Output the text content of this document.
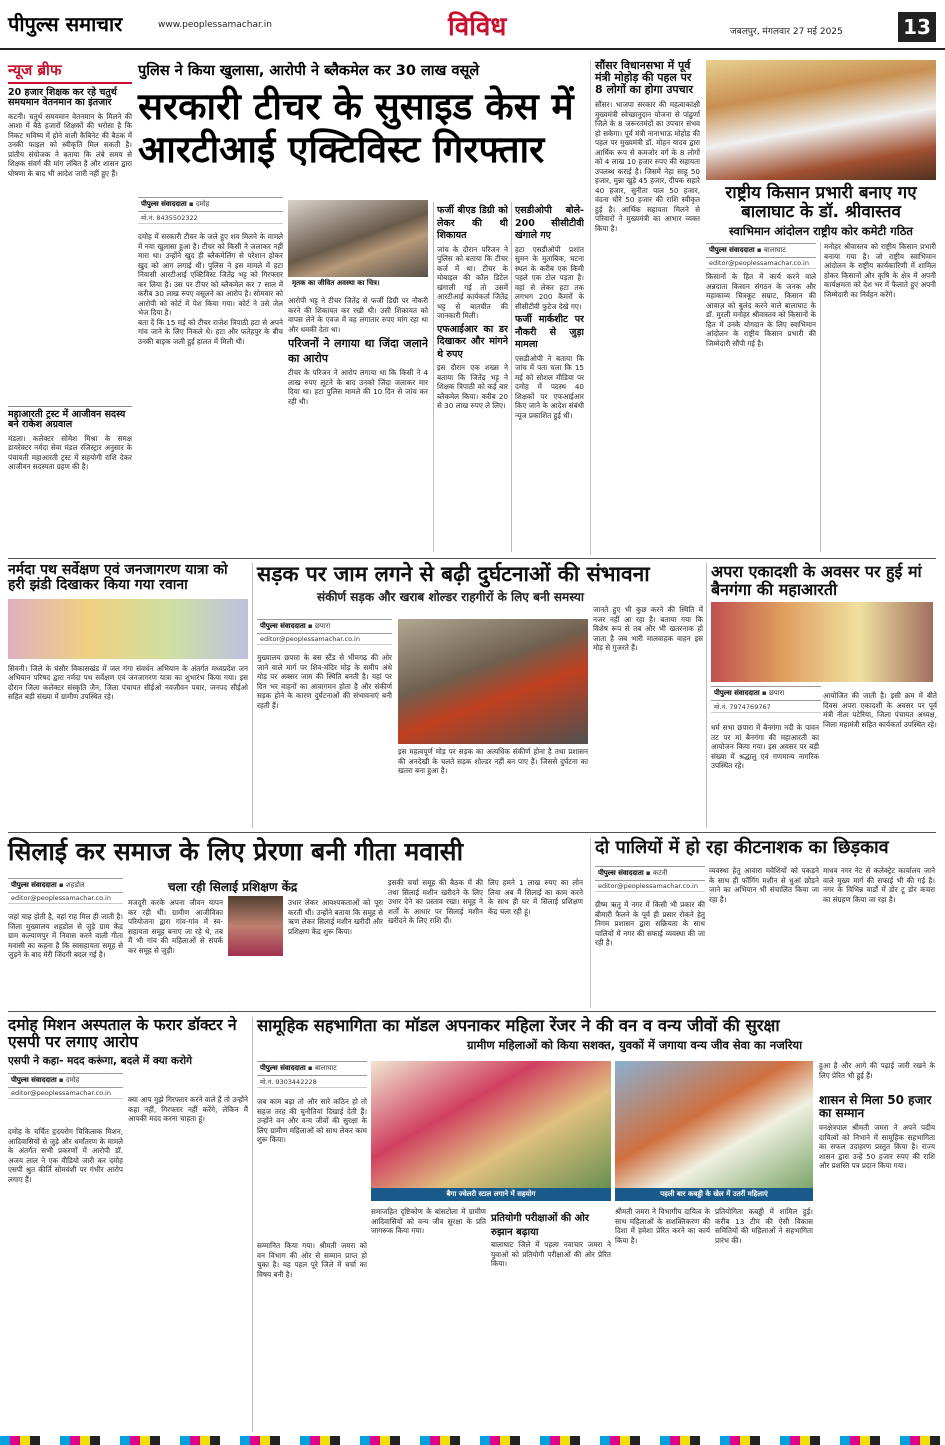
पीपुल्स समाचार	www.peoplessamachar.in	विविध	जबलपुर, मंगलवार 27 मई 2025	13
न्यूज ब्रीफ
20 हजार शिक्षक कर रहे चतुर्थ समयमान वेतनमान का इंतजार
कटनी। चतुर्थ समयमान वेतनमान के मिलने की आशा में बैठे हजारों शिक्षकों की भरोसा है कि निकट भविष्य में होने वाली कैबिनेट की बैठक में उनकी फाइल को स्वीकृति मिल सकती है। प्रांतीय संयोजक ने बताया कि लंबे समय से शिक्षक संवर्ग की मांग लंबित है और शासन द्वारा घोषणा के बाद भी आदेश जारी नहीं हुए हैं।
महाआरती ट्रस्ट में आजीवन सदस्य बने राकेश अग्रवाल
मंडला। कलेक्टर सोमेश मिश्रा के समक्ष डायरेक्टर नर्मदा सेवा मंडल रजिस्ट्रार अनुसार के पंचायती महाआरती ट्रस्ट में सहयोगी राशि देकर आजीवन सदस्यता ग्रहण की है।
पुलिस ने किया खुलासा, आरोपी ने ब्लैकमेल कर 30 लाख वसूले
सरकारी टीचर के सुसाइड केस में आरटीआई एक्टिविस्ट गिरफ्तार
पीपुल्स संवाददाता ▪ दमोह
मो.नं. 8435502322
मृतक का जीवित अवस्था का चित्र।
दमोह में सरकारी टीचर के जले हुए शव मिलने के मामले में नया खुलासा हुआ है। टीचर को किसी ने जलाकर नहीं मारा था। उन्होंने खुद ही ब्लैकमेलिंग से परेशान होकर खुद को आग लगाई थी। पुलिस ने इस मामले में हटा निवासी आरटीआई एक्टिविस्ट जितेंद्र भट्ट को गिरफ्तार कर लिया है। उस पर टीचर को ब्लैकमेल कर 7 साल में करीब 30 लाख रुपए वसूलने का आरोप है। सोमवार को आरोपी को कोर्ट में पेश किया गया। कोर्ट ने उसे जेल भेज दिया है।
बता दें कि 15 मई को टीचर राजेश त्रिपाठी हटा से अपने गांव जाने के लिए निकले थे। हटा और फतेहपुर के बीच उनकी बाइक जली हुई हालत में मिली थी।
आरोपी भट्ट ने टीचर जितेंद्र से फर्जी डिग्री पर नौकरी करने की शिकायत कर रखी थी। उसी शिकायत को वापस लेने के एवज में वह लगातार रुपए मांग रहा था और धमकी देता था।
परिजनों ने लगाया था जिंदा जलाने का आरोप
टीचर के परिजन ने आरोप लगाया था कि किसी ने 4 लाख रुपए लूटने के बाद उनको जिंदा जलाकर मार दिया था। हटा पुलिस मामले की 10 दिन से जांच कर रही थी।
फर्जी बीएड डिग्री को लेकर की थी शिकायत
जांच के दौरान परिजन ने पुलिस को बताया कि टीचर कर्ज में था। टीचर के मोबाइल की कॉल डिटेल खंगाली गई तो उसमें आरटीआई कार्यकर्ता जितेंद्र भट्ट से बातचीत की जानकारी मिली।
एफआईआर का डर दिखाकर और मांगने थे रुपए
इस दौरान एक शख्स ने बताया कि जितेंद्र भट्ट ने शिक्षक त्रिपाठी को कई बार ब्लैकमेल किया। करीब 20 से 30 लाख रुपए ले लिए।
एसडीओपी बोले- 200 सीसीटीवी खंगाले गए
हटा एसडीओपी प्रशांत सुमन के मुताबिक, घटना स्थल के करीब एक किमी पहले एक टोल पड़ता है। वहां से लेकर हटा तक लगभग 200 कैमरों के सीसीटीवी फुटेज देखे गए।
फर्जी मार्कशीट पर नौकरी से जुड़ा मामला
एसडीओपी ने बताया कि जांच में पता चला कि 15 मई को सोशल मीडिया पर दमोह में पदस्थ 40 शिक्षकों पर एफआईआर किए जाने के आदेश संबंधी न्यूज प्रकाशित हुई थी।
सौंसर विधानसभा में पूर्व मंत्री मोहोड़ की पहल पर 8 लोगों का होगा उपचार
सौंसर। भाजपा सरकार की महत्वाकांक्षी मुख्यमंत्री स्वेच्छानुदान योजना से पांढुर्णा जिले के 8 जरूरतमंदों का उपचार संभव हो सकेगा। पूर्व मंत्री नानाभाऊ मोहोड़ की पहल पर मुख्यमंत्री डॉ. मोहन यादव द्वारा आर्थिक रूप से कमजोर वर्ग के 8 लोगों को 4 लाख 10 हजार रुपए की सहायता उपलब्ध कराई है। जिसमें नेहा साहू 50 हजार, मुन्ना खुड़े 45 हजार, दीपक सहारे 40 हजार, सुनीता पाल 50 हजार, वंदना चौरे 50 हजार की राशि स्वीकृत हुई है। आर्थिक सहायता मिलने से परिवारों ने मुख्यमंत्री का आभार व्यक्त किया है।
राष्ट्रीय किसान प्रभारी बनाए गए बालाघाट के डॉ. श्रीवास्तव
स्वाभिमान आंदोलन राष्ट्रीय कोर कमेटी गठित
पीपुल्स संवाददाता ▪ बालाघाट
editor@peoplessamachar.co.in
किसानों के हित में कार्य करने वाले अन्नदाता किसान संगठन के जनक और महाकाव्य चित्रकूट सम्राट, किसान की आवाज़ को बुलंद करने वाले बालाघाट के डॉ. मुरली मनोहर श्रीवास्तव को किसानों के हित में उनके योगदान के लिए स्वाभिमान आंदोलन के राष्ट्रीय किसान प्रभारी की जिम्मेदारी सौंपी गई है।
मनोहर श्रीवास्तव को राष्ट्रीय किसान प्रभारी बनाया गया है। जो राष्ट्रीय स्वाभिमान आंदोलन के राष्ट्रीय कार्यकारिणी में शामिल होकर किसानों और कृषि के क्षेत्र में अपनी कार्यक्षमता को देश भर में फैलाते हुए अपनी जिम्मेदारी का निर्वहन करेंगे।
नर्मदा पथ सर्वेक्षण एवं जनजागरण यात्रा को हरी झंडी दिखाकर किया गया रवाना
सिवनी। जिले के घंसौर विकासखंड में जल गंगा संवर्धन अभियान के अंतर्गत मध्यप्रदेश जन अभियान परिषद द्वारा नर्मदा पथ सर्वेक्षण एवं जनजागरण यात्रा का शुभारंभ किया गया। इस दौरान जिला कलेक्टर संस्कृति जैन, जिला पंचायत सीईओ नवजीवन पवार, जनपद सीईओ सहित बड़ी संख्या में ग्रामीण उपस्थित रहे।
सड़क पर जाम लगने से बढ़ी दुर्घटनाओं की संभावना
संकीर्ण सड़क और खराब शोल्डर राहगीरों के लिए बनी समस्या
पीपुल्स संवाददाता ▪ छपारा
editor@peoplessamachar.co.in
मुख्यालय छपारा के बस स्टैंड से भीमगढ़ की ओर जाने वाले मार्ग पर शिव-मंदिर मोड़ के समीप अंधे मोड़ पर अक्सर जाम की स्थिति बनती है। यहां पर दिन भर वाहनों का आवागमन होता है और संकीर्ण सड़क होने के कारण दुर्घटनाओं की संभावनाएं बनी रहती हैं।
इस महत्वपूर्ण मोड़ पर सड़क का अत्यधिक संकीर्ण होना है तथा प्रशासन की अनदेखी के चलते सड़क शोल्डर नहीं बन पाए हैं। जिससे दुर्घटना का खतरा बना हुआ है।
जानते हुए भी कुछ करने की स्थिति में नजर नहीं आ रहा है। बताया गया कि विशेष रूप से तब और भी खतरनाक हो जाता है जब भारी मालवाहक वाहन इस मोड़ से गुजरते हैं।
अपरा एकादशी के अवसर पर हुई मां बैनगंगा की महाआरती
पीपुल्स संवाददाता ▪ छपारा
मो.नं. 7974769767
धर्म सभा छपारा में बैनगंगा नदी के पावन तट पर मां बैनगंगा की महाआरती का आयोजन किया गया। इस अवसर पर बड़ी संख्या में श्रद्धालु एवं गणमान्य नागरिक उपस्थित रहे।
आयोजित की जाती है। इसी क्रम में बीते दिवस अपरा एकादशी के अवसर पर पूर्व मंत्री नीता पटेरिया, जिला पंचायत अध्यक्ष, जिला महामंत्री सहित कार्यकर्ता उपस्थित रहे।
सिलाई कर समाज के लिए प्रेरणा बनी गीता मवासी
पीपुल्स संवाददाता ▪ शहडोल
editor@peoplessamachar.co.in
चला रही सिलाई प्रशिक्षण केंद्र
जहां चाह होती है, वहां राह मिल ही जाती है। जिला मुख्यालय शहडोल से जुड़े ग्राम केंद्र ग्राम कल्याणपुर में निवास करने वाली गीता मवासी का कहना है कि स्वसहायता समूह से जुड़ने के बाद मेरी जिंदगी बदल गई है।
मजदूरी करके अपना जीवन यापन कर रही थीं। ग्रामीण आजीविका परियोजना द्वारा गांव-गांव में स्व-सहायता समूह बनाए जा रहे थे, तब मैं भी गांव की महिलाओं से संपर्क कर समूह से जुड़ी।
उधार लेकर आवश्यकताओं को पूरा करती थीं। उन्होंने बताया कि समूह से ऋण लेकर सिलाई मशीन खरीदी और प्रशिक्षण केंद्र शुरू किया।
इसकी चर्चा समूह की बैठक में की तथा सिलाई मशीन खरीदने के लिए उधार देने का प्रस्ताव रखा। समूह ने शर्तों के आधार पर सिलाई मशीन खरीदने के लिए राशि दी।
लिए हमने 1 लाख रुपए का लोन लिया अब मैं सिलाई का काम करने के साथ ही घर में सिलाई प्रशिक्षण केंद्र चला रही हूं।
दो पालियों में हो रहा कीटनाशक का छिड़काव
पीपुल्स संवाददाता ▪ कटनी
editor@peoplessamachar.co.in
ग्रीष्म ऋतु में नगर में किसी भी प्रकार की बीमारी फैलने के पूर्व ही प्रसार रोकने हेतु निगम प्रशासन द्वारा सक्रियता के साथ पालियों में नगर की सफाई व्यवस्था की जा रही है।
व्यवस्था हेतु आवारा मवेशियों को पकड़ने के साथ ही फॉगिंग मशीन से धुआं छोड़ने जाने का अभियान भी संचालित किया जा रहा है।
माधव नगर नेट से कलेक्ट्रेट कार्यालय जाने वाले मुख्य मार्ग की सफाई भी की गई है। नगर के विभिन्न वार्डों में डोर टू डोर कचरा का संग्रहण किया जा रहा है।
दमोह मिशन अस्पताल के फरार डॉक्टर ने एसपी पर लगाए आरोप
एसपी ने कहा- मदद करूंगा, बदले में क्या करोगे
पीपुल्स संवाददाता ▪ दमोह
editor@peoplessamachar.co.in
दमोह के चर्चित हृदयरोग चिकित्सक मिशन, आदिवासियों से जुड़े और धर्मांतरण के मामले के अंतर्गत सभी प्रकरणों में आरोपी डॉ. अजय लाल ने एक वीडियो जारी कर दमोह एसपी श्रुत कीर्ति सोमवंशी पर गंभीर आरोप लगाए हैं।
क्या आप मुझे गिरफ्तार करने वाले हैं तो उन्होंने कहा नहीं, गिरफ्तार नहीं करेंगे, लेकिन मैं आपकी मदद करना चाहता हूं।
सामूहिक सहभागिता का मॉडल अपनाकर महिला रेंजर ने की वन व वन्य जीवों की सुरक्षा
ग्रामीण महिलाओं को किया सशक्त, युवकों में जगाया वन्य जीव सेवा का नजरिया
पीपुल्स संवाददाता ▪ बालाघाट
मो.नं. 9303442228
जब काम बढ़ा तो और सारे कठिन हो तो सहज तरह की चुनौतियां दिखाई देती हैं। उन्होंने वन और वन्य जीवों की सुरक्षा के लिए ग्रामीण महिलाओं को साथ लेकर काम शुरू किया।
बैगा ज्वेलरी स्टाल लगाने में सहयोग	पहली बार कबड्डी के खेल में उतरीं महिलाएं
सम्मानित किया गया। श्रीमती जमरा को वन विभाग की ओर से सम्मान प्राप्त हो चुका है। यह पहल पूरे जिले में चर्चा का विषय बनी है।
समाजहित दृष्टिकोण के बांसटोला में ग्रामीण आदिवासियों को वन्य जीव सुरक्षा के प्रति जागरूक किया गया।
प्रतियोगी परीक्षाओं की ओर रुझान बढ़ाया
बालाघाट जिले में पहला नवाचार जमरा ने युवाओं को प्रतियोगी परीक्षाओं की ओर प्रेरित किया।
श्रीमती जमरा ने विभागीय दायित्व के साथ महिलाओं के सशक्तिकरण की दिशा में हमेशा प्रेरित करने का कार्य किया है।
प्रतियोगिता कबड्डी में शामिल हुई। करीब 13 टीम की ऐसी विकास समितियों की महिलाओं ने सहभागिता प्रारंभ की।
हुआ है और आगे की पढ़ाई जारी रखने के लिए प्रेरित भी हुई हैं।
शासन से मिला 50 हजार का सम्मान
वनक्षेत्रपाल श्रीमती जमरा ने अपने पदीय दायित्वों को निभाने में सामूहिक सहभागिता का सफल उदाहरण प्रस्तुत किया है। राज्य शासन द्वारा उन्हें 50 हजार रुपए की राशि और प्रशस्ति पत्र प्रदान किया गया।
